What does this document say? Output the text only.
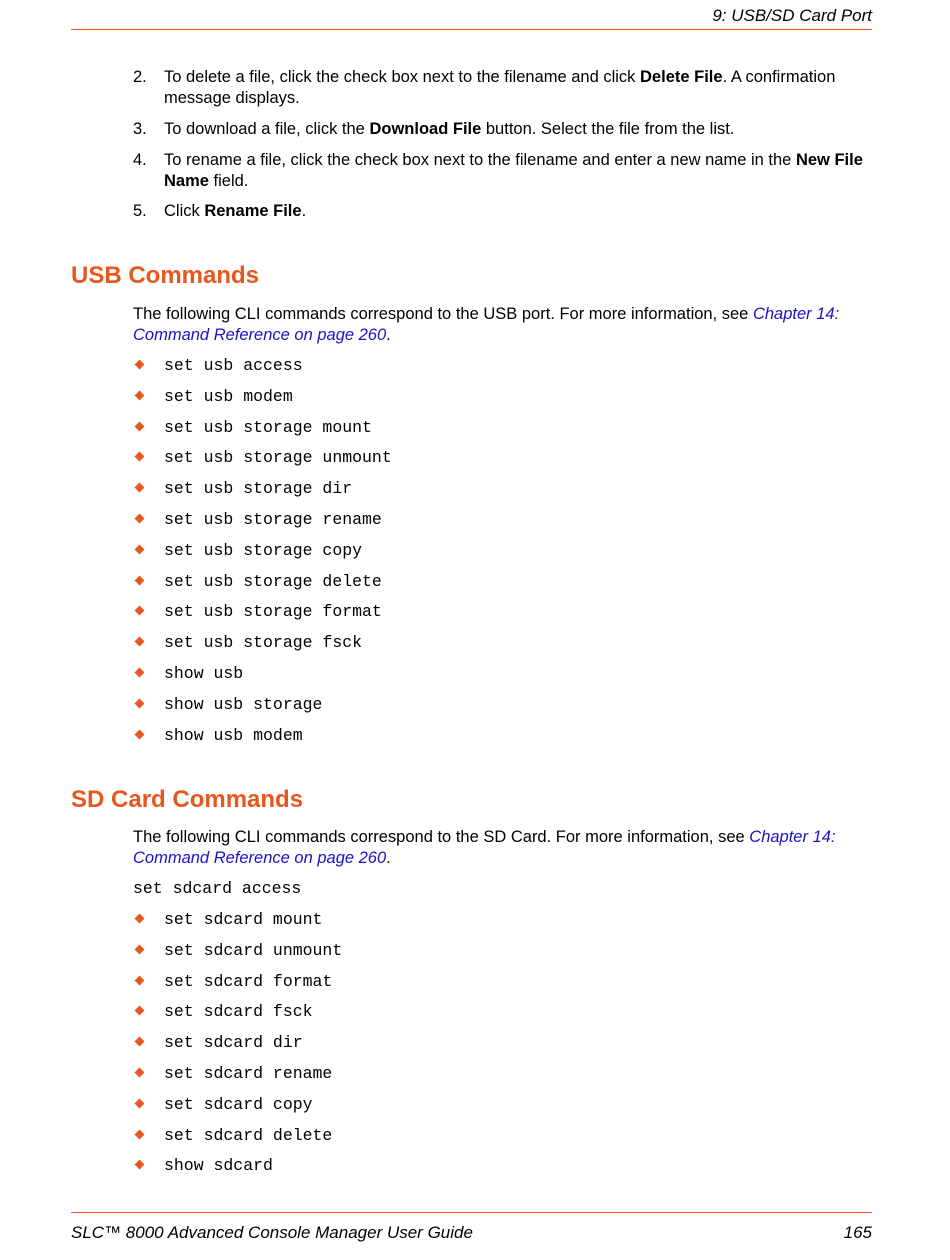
9: USB/SD Card Port
2. To delete a file, click the check box next to the filename and click Delete File. A confirmation message displays.
3. To download a file, click the Download File button. Select the file from the list.
4. To rename a file, click the check box next to the filename and enter a new name in the New File Name field.
5. Click Rename File.
USB Commands
The following CLI commands correspond to the USB port. For more information, see Chapter 14: Command Reference on page 260.
set usb access
set usb modem
set usb storage mount
set usb storage unmount
set usb storage dir
set usb storage rename
set usb storage copy
set usb storage delete
set usb storage format
set usb storage fsck
show usb
show usb storage
show usb modem
SD Card Commands
The following CLI commands correspond to the SD Card. For more information, see Chapter 14: Command Reference on page 260.
set sdcard access
set sdcard mount
set sdcard unmount
set sdcard format
set sdcard fsck
set sdcard dir
set sdcard rename
set sdcard copy
set sdcard delete
show sdcard
SLC™ 8000 Advanced Console Manager User Guide	165
